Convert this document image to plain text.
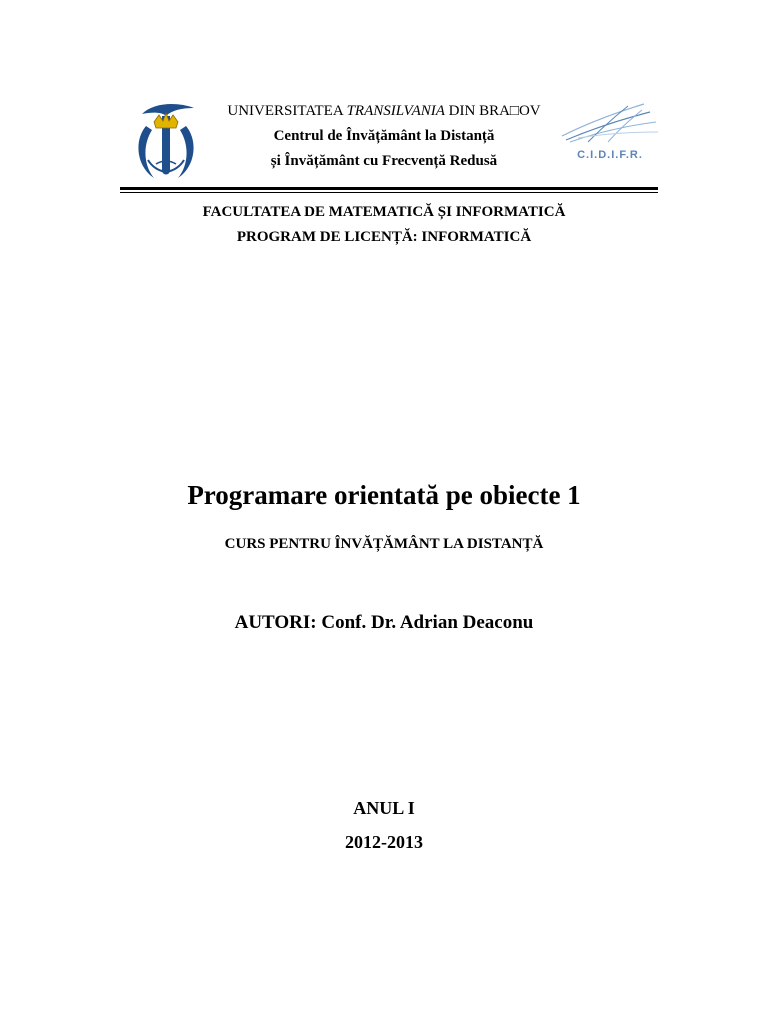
C.I.D.I.F.R.
UNIVERSITATEA TRANSILVANIA DIN BRA□OV
Centrul de Învățământ la Distanță
și Învățământ cu Frecvență Redusă
FACULTATEA DE MATEMATICĂ ȘI INFORMATICĂ
PROGRAM DE LICENȚĂ: INFORMATICĂ
Programare orientată pe obiecte 1
CURS PENTRU ÎNVĂȚĂMÂNT LA DISTANȚĂ
AUTORI: Conf. Dr. Adrian Deaconu
ANUL I
2012-2013
